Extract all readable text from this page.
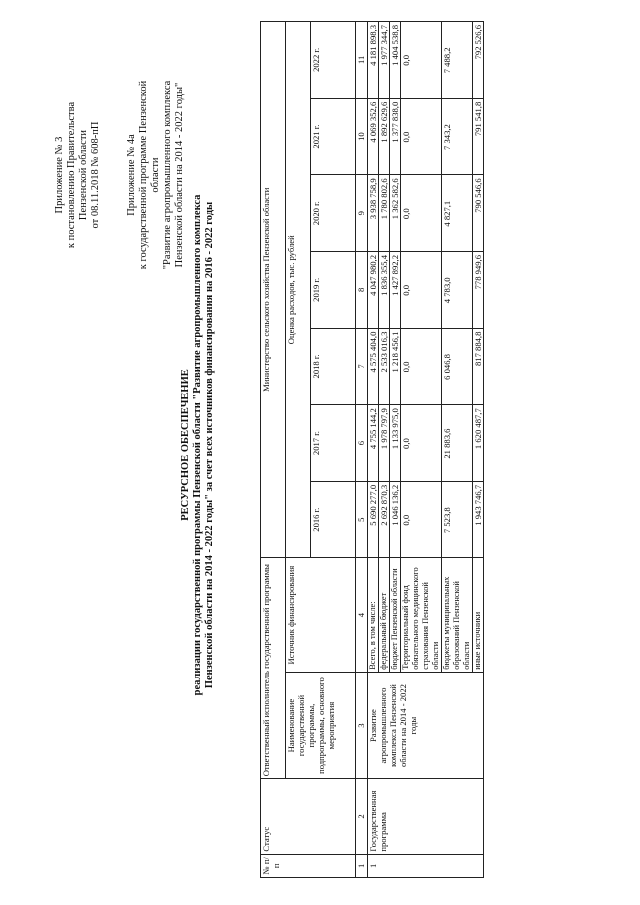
Приложение № 3 к постановлению Правительства Пензенской области от 08.11.2018 № 608-пП Приложение № 4а к государственной программе Пензенской области "Развитие агропромышленного комплекса Пензенской области на 2014 - 2022 годы"
РЕСУРСНОЕ ОБЕСПЕЧЕНИЕ реализации государственной программы Пензенской области "Развитие агропромышленного комплекса Пензенской области на 2014 - 2022 годы" за счет всех источников финансирования на 2016 - 2022 годы
№ п/п	Статус	Ответственный исполнитель государственной программы		Министерство сельского хозяйства Пензенской области						
		Наименование государственной программы, подпрограммы, основного мероприятия	Источник финансирования	Оценка расходов, тыс. рублей						
				2016 г.	2017 г.	2018 г.	2019 г.	2020 г.	2021 г.	2022 г.
1	2	3	4	5	6	7	8	9	10	11
1	Государственная программа	Развитие агропромышленного комплекса Пензенской области на 2014 - 2022 годы	Всего, в том числе:	5 690 277,0	4 755 144,2	4 575 404,0	4 047 980,2	3 938 758,9	4 069 352,6	4 181 898,3
			федеральный бюджет	2 692 870,3	1 978 797,9	2 533 016,3	1 836 355,4	1 780 802,6	1 892 629,6	1 977 344,7
			бюджет Пензенской области	1 046 136,2	1 133 975,0	1 218 456,1	1 427 892,2	1 362 582,6	1 377 838,0	1 404 538,8
			Территориальный фонд обязательного медицинского страхования Пензенской области	0,0	0,0	0,0	0,0	0,0	0,0	0,0
			бюджеты муниципальных образований Пензенской области	7 523,8	21 883,6	6 046,8	4 783,0	4 827,1	7 343,2	7 488,2
			иные источники	1 943 746,7	1 620 487,7	817 884,8	778 949,6	790 546,6	791 541,8	792 526,6
